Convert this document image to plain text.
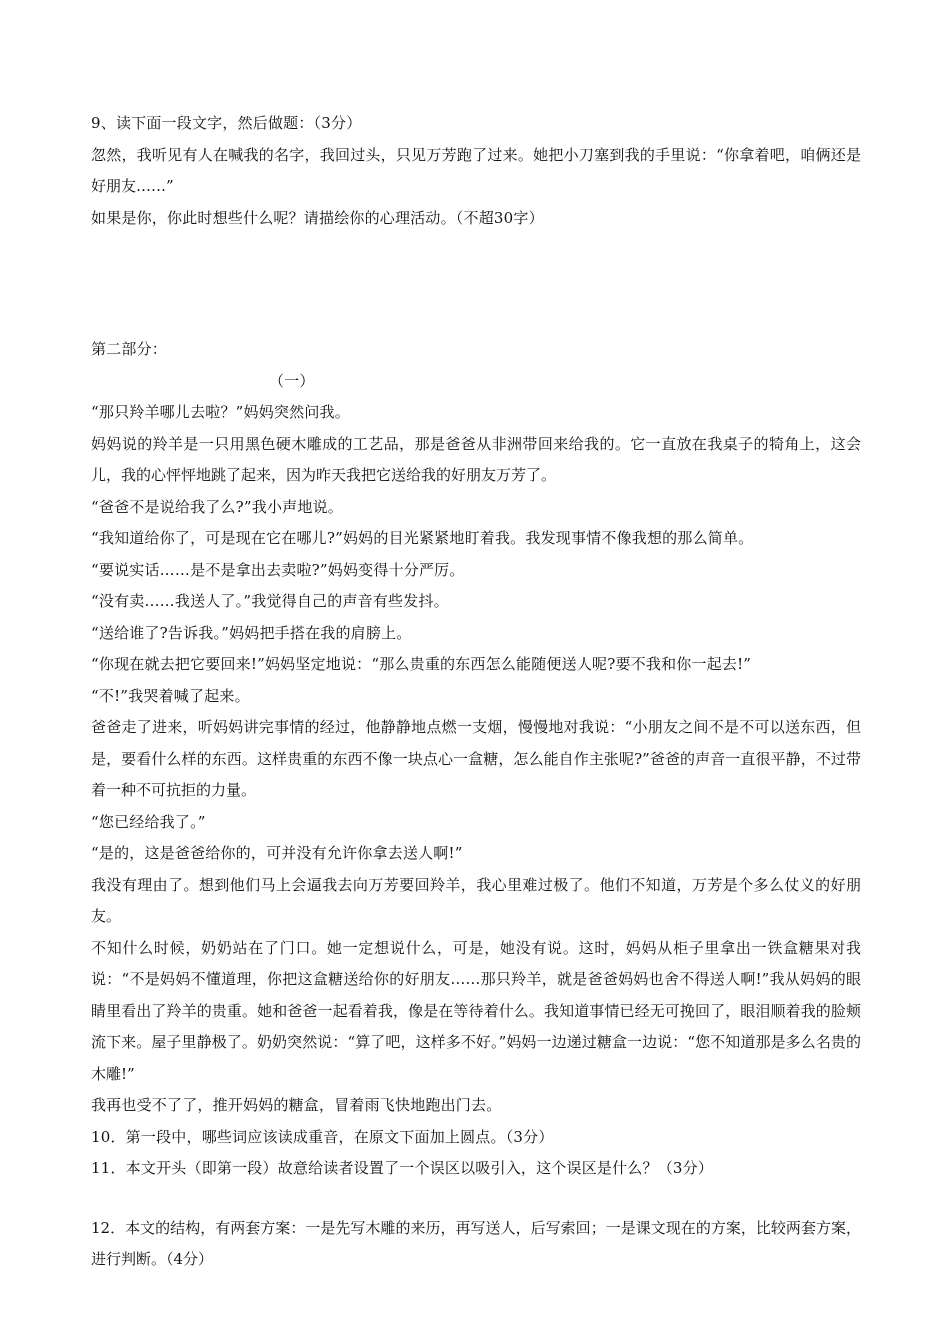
9、读下面一段文字，然后做题：（3分）
忽然，我听见有人在喊我的名字，我回过头，只见万芳跑了过来。她把小刀塞到我的手里说：“你拿着吧，咱俩还是好朋友……”
如果是你，你此时想些什么呢？请描绘你的心理活动。（不超30字）
第二部分：
（一）
“那只羚羊哪儿去啦？”妈妈突然问我。
妈妈说的羚羊是一只用黑色硬木雕成的工艺品，那是爸爸从非洲带回来给我的。它一直放在我桌子的犄角上，这会儿，我的心怦怦地跳了起来，因为昨天我把它送给我的好朋友万芳了。
“爸爸不是说给我了么?”我小声地说。
“我知道给你了，可是现在它在哪儿?”妈妈的目光紧紧地盯着我。我发现事情不像我想的那么简单。
“要说实话……是不是拿出去卖啦?”妈妈变得十分严厉。
“没有卖……我送人了。”我觉得自己的声音有些发抖。
“送给谁了?告诉我。”妈妈把手搭在我的肩膀上。
“你现在就去把它要回来!”妈妈坚定地说：“那么贵重的东西怎么能随便送人呢?要不我和你一起去!”
“不!”我哭着喊了起来。
爸爸走了进来，听妈妈讲完事情的经过，他静静地点燃一支烟，慢慢地对我说：“小朋友之间不是不可以送东西，但是，要看什么样的东西。这样贵重的东西不像一块点心一盒糖，怎么能自作主张呢?”爸爸的声音一直很平静，不过带着一种不可抗拒的力量。
“您已经给我了。”
“是的，这是爸爸给你的，可并没有允许你拿去送人啊!”
我没有理由了。想到他们马上会逼我去向万芳要回羚羊，我心里难过极了。他们不知道，万芳是个多么仗义的好朋友。
不知什么时候，奶奶站在了门口。她一定想说什么，可是，她没有说。这时，妈妈从柜子里拿出一铁盒糖果对我说：“不是妈妈不懂道理，你把这盒糖送给你的好朋友……那只羚羊，就是爸爸妈妈也舍不得送人啊!”我从妈妈的眼睛里看出了羚羊的贵重。她和爸爸一起看着我，像是在等待着什么。我知道事情已经无可挽回了，眼泪顺着我的脸颊流下来。屋子里静极了。奶奶突然说：“算了吧，这样多不好。”妈妈一边递过糖盒一边说：“您不知道那是多么名贵的木雕!”
我再也受不了了，推开妈妈的糖盒，冒着雨飞快地跑出门去。
10．第一段中，哪些词应该读成重音，在原文下面加上圆点。（3分）
11．本文开头（即第一段）故意给读者设置了一个误区以吸引入，这个误区是什么？（3分）
12．本文的结构，有两套方案：一是先写木雕的来历，再写送人，后写索回；一是课文现在的方案，比较两套方案，进行判断。（4分）
